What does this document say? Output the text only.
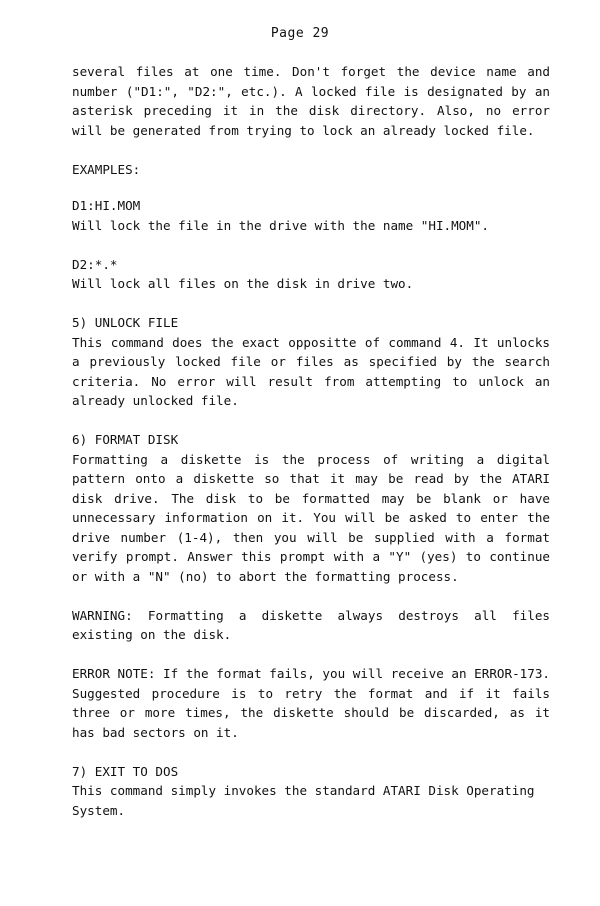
Page 29

several files at one time. Don't forget the device name and number ("D1:", "D2:", etc.). A locked file is designated by an asterisk preceding it in the disk directory. Also, no error will be generated from trying to lock an already locked file.

EXAMPLES:

D1:HI.MOM
Will lock the file in the drive with the name "HI.MOM".
D2:*.*
Will lock all files on the disk in drive two.
5) UNLOCK FILE
This command does the exact oppositte of command 4. It unlocks a previously locked file or files as specified by the search criteria. No error will result from attempting to unlock an already unlocked file.
6) FORMAT DISK
Formatting a diskette is the process of writing a digital pattern onto a diskette so that it may be read by the ATARI disk drive. The disk to be formatted may be blank or have unnecessary information on it. You will be asked to enter the drive number (1-4), then you will be supplied with a format verify prompt. Answer this prompt with a "Y" (yes) to continue or with a "N" (no) to abort the formatting process.

WARNING: Formatting a diskette always destroys all files existing on the disk.

ERROR NOTE: If the format fails, you will receive an ERROR-173. Suggested procedure is to retry the format and if it fails three or more times, the diskette should be discarded, as it has bad sectors on it.

7) EXIT TO DOS
This command simply invokes the standard ATARI Disk Operating System.
